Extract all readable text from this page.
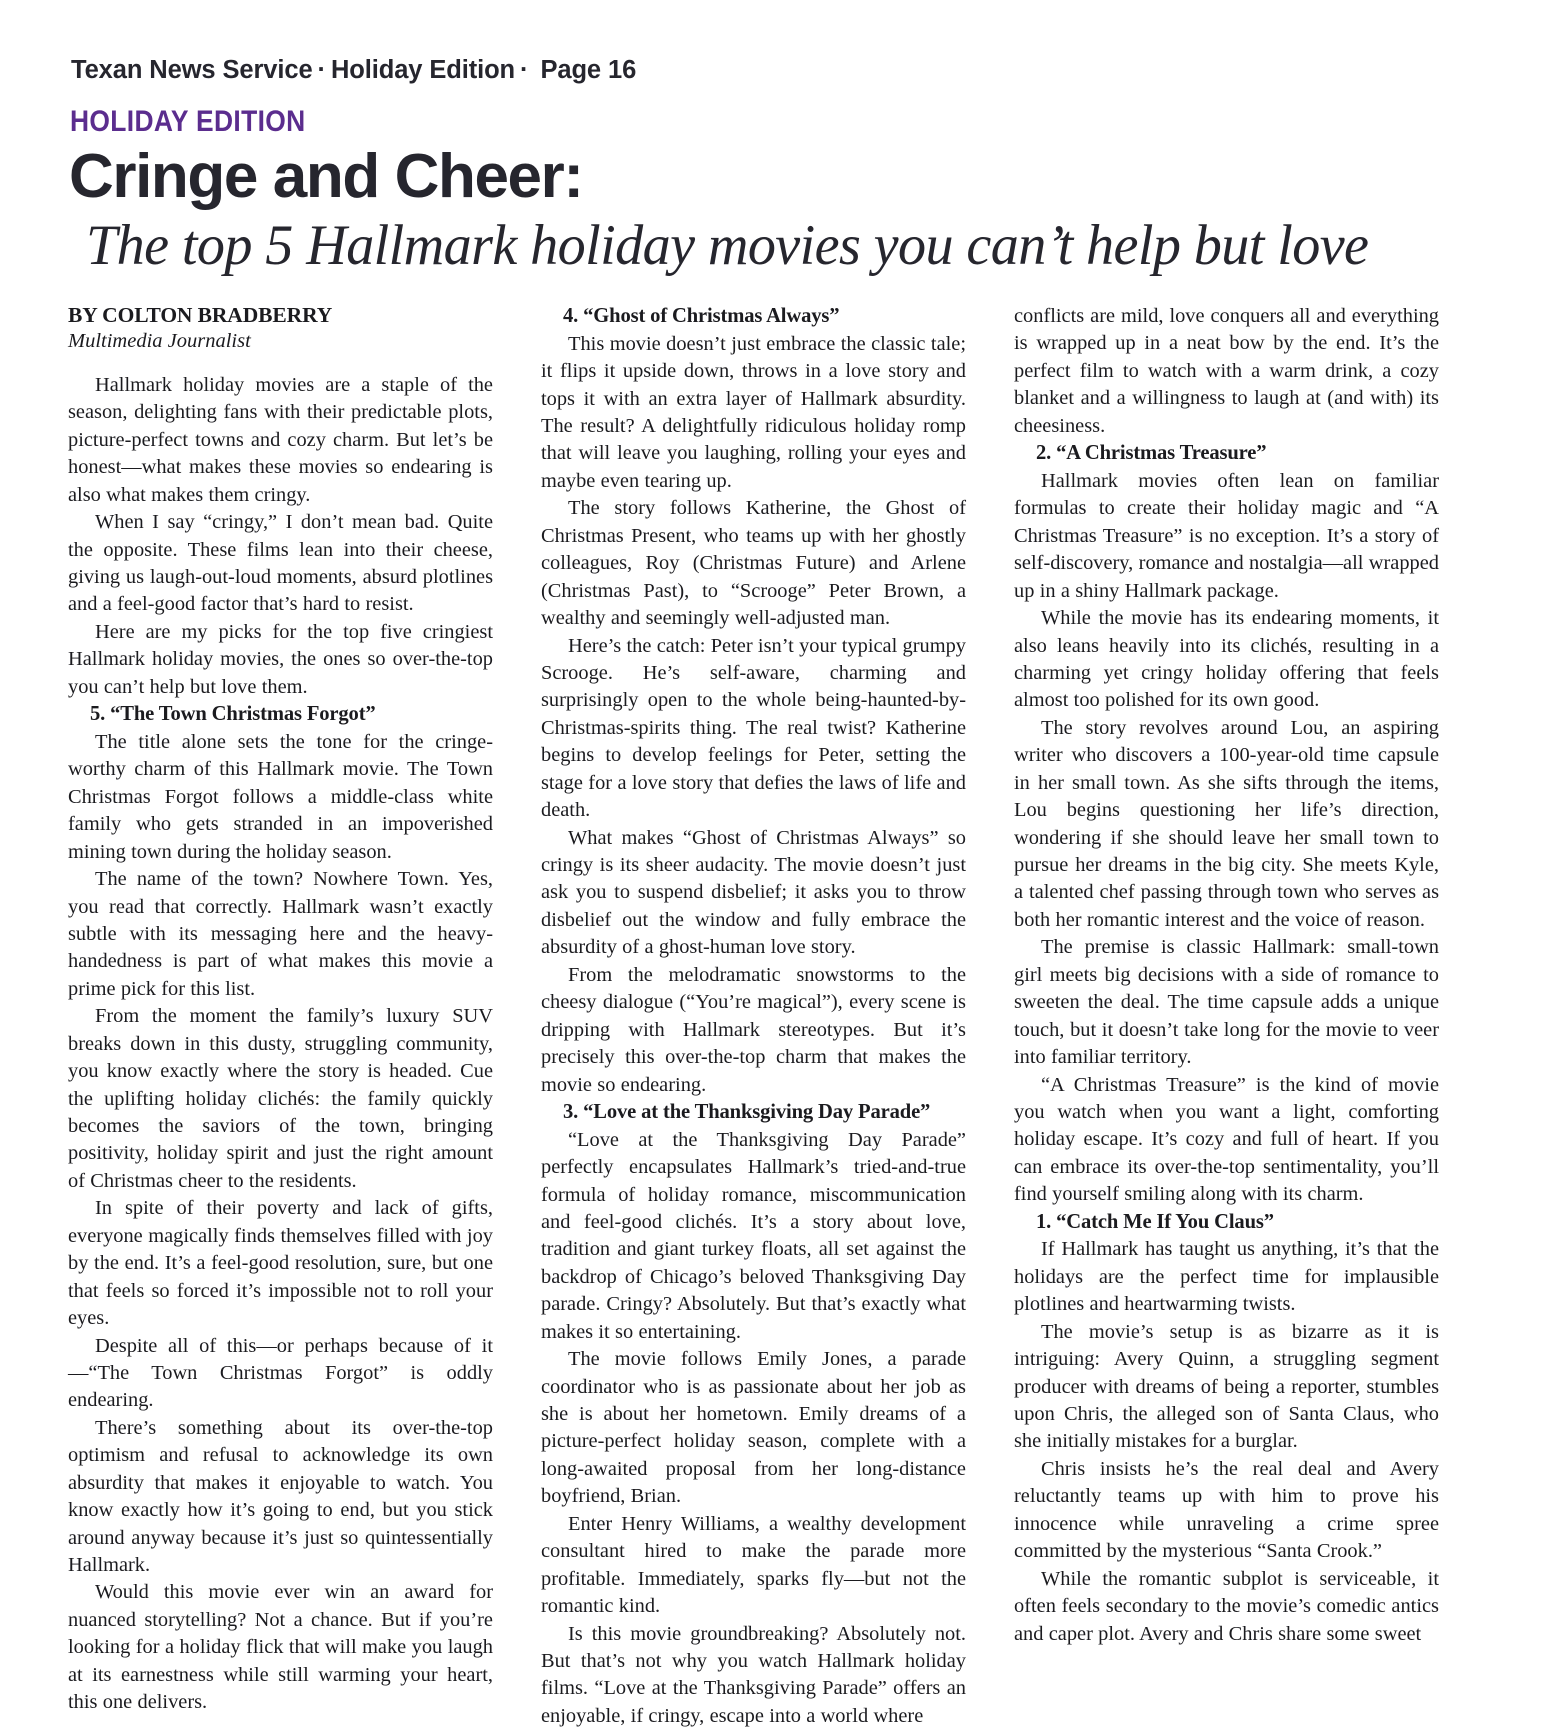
Texan News Service · Holiday Edition · Page 16
HOLIDAY EDITION
Cringe and Cheer:
The top 5 Hallmark holiday movies you can’t help but love
BY COLTON BRADBERRY
Multimedia Journalist

Hallmark holiday movies are a staple of the season, delighting fans with their predictable plots, picture-perfect towns and cozy charm. But let’s be honest—what makes these movies so endearing is also what makes them cringy.

When I say “cringy,” I don’t mean bad. Quite the opposite. These films lean into their cheese, giving us laugh-out-loud moments, absurd plotlines and a feel-good factor that’s hard to resist.

Here are my picks for the top five cringiest Hallmark holiday movies, the ones so over-the-top you can’t help but love them.

5. “The Town Christmas Forgot”

The title alone sets the tone for the cringe-worthy charm of this Hallmark movie. The Town Christmas Forgot follows a middle-class white family who gets stranded in an impoverished mining town during the holiday season.

The name of the town? Nowhere Town. Yes, you read that correctly. Hallmark wasn’t exactly subtle with its messaging here and the heavy-handedness is part of what makes this movie a prime pick for this list.

From the moment the family’s luxury SUV breaks down in this dusty, struggling community, you know exactly where the story is headed. Cue the uplifting holiday clichés: the family quickly becomes the saviors of the town, bringing positivity, holiday spirit and just the right amount of Christmas cheer to the residents.

In spite of their poverty and lack of gifts, everyone magically finds themselves filled with joy by the end. It’s a feel-good resolution, sure, but one that feels so forced it’s impossible not to roll your eyes.

Despite all of this—or perhaps because of it—“The Town Christmas Forgot” is oddly endearing.

There’s something about its over-the-top optimism and refusal to acknowledge its own absurdity that makes it enjoyable to watch. You know exactly how it’s going to end, but you stick around anyway because it’s just so quintessentially Hallmark.

Would this movie ever win an award for nuanced storytelling? Not a chance. But if you’re looking for a holiday flick that will make you laugh at its earnestness while still warming your heart, this one delivers.

4. “Ghost of Christmas Always”

This movie doesn’t just embrace the classic tale; it flips it upside down, throws in a love story and tops it with an extra layer of Hallmark absurdity. The result? A delightfully ridiculous holiday romp that will leave you laughing, rolling your eyes and maybe even tearing up.

The story follows Katherine, the Ghost of Christmas Present, who teams up with her ghostly colleagues, Roy (Christmas Future) and Arlene (Christmas Past), to “Scrooge” Peter Brown, a wealthy and seemingly well-adjusted man.

Here’s the catch: Peter isn’t your typical grumpy Scrooge. He’s self-aware, charming and surprisingly open to the whole being-haunted-by-Christmas-spirits thing. The real twist? Katherine begins to develop feelings for Peter, setting the stage for a love story that defies the laws of life and death.

What makes “Ghost of Christmas Always” so cringy is its sheer audacity. The movie doesn’t just ask you to suspend disbelief; it asks you to throw disbelief out the window and fully embrace the absurdity of a ghost-human love story.

From the melodramatic snowstorms to the cheesy dialogue (“You’re magical”), every scene is dripping with Hallmark stereotypes. But it’s precisely this over-the-top charm that makes the movie so endearing.

3. “Love at the Thanksgiving Day Parade”

“Love at the Thanksgiving Day Parade” perfectly encapsulates Hallmark’s tried-and-true formula of holiday romance, miscommunication and feel-good clichés. It’s a story about love, tradition and giant turkey floats, all set against the backdrop of Chicago’s beloved Thanksgiving Day parade. Cringy? Absolutely. But that’s exactly what makes it so entertaining.

The movie follows Emily Jones, a parade coordinator who is as passionate about her job as she is about her hometown. Emily dreams of a picture-perfect holiday season, complete with a long-awaited proposal from her long-distance boyfriend, Brian.

Enter Henry Williams, a wealthy development consultant hired to make the parade more profitable. Immediately, sparks fly—but not the romantic kind.

Is this movie groundbreaking? Absolutely not. But that’s not why you watch Hallmark holiday films. “Love at the Thanksgiving Parade” offers an enjoyable, if cringy, escape into a world where

conflicts are mild, love conquers all and everything is wrapped up in a neat bow by the end. It’s the perfect film to watch with a warm drink, a cozy blanket and a willingness to laugh at (and with) its cheesiness.

2. “A Christmas Treasure”

Hallmark movies often lean on familiar formulas to create their holiday magic and “A Christmas Treasure” is no exception. It’s a story of self-discovery, romance and nostalgia—all wrapped up in a shiny Hallmark package.

While the movie has its endearing moments, it also leans heavily into its clichés, resulting in a charming yet cringy holiday offering that feels almost too polished for its own good.

The story revolves around Lou, an aspiring writer who discovers a 100-year-old time capsule in her small town. As she sifts through the items, Lou begins questioning her life’s direction, wondering if she should leave her small town to pursue her dreams in the big city. She meets Kyle, a talented chef passing through town who serves as both her romantic interest and the voice of reason.

The premise is classic Hallmark: small-town girl meets big decisions with a side of romance to sweeten the deal. The time capsule adds a unique touch, but it doesn’t take long for the movie to veer into familiar territory.

“A Christmas Treasure” is the kind of movie you watch when you want a light, comforting holiday escape. It’s cozy and full of heart. If you can embrace its over-the-top sentimentality, you’ll find yourself smiling along with its charm.

1. “Catch Me If You Claus”

If Hallmark has taught us anything, it’s that the holidays are the perfect time for implausible plotlines and heartwarming twists.

The movie’s setup is as bizarre as it is intriguing: Avery Quinn, a struggling segment producer with dreams of being a reporter, stumbles upon Chris, the alleged son of Santa Claus, who she initially mistakes for a burglar.

Chris insists he’s the real deal and Avery reluctantly teams up with him to prove his innocence while unraveling a crime spree committed by the mysterious “Santa Crook.”

While the romantic subplot is serviceable, it often feels secondary to the movie’s comedic antics and caper plot. Avery and Chris share some sweet
